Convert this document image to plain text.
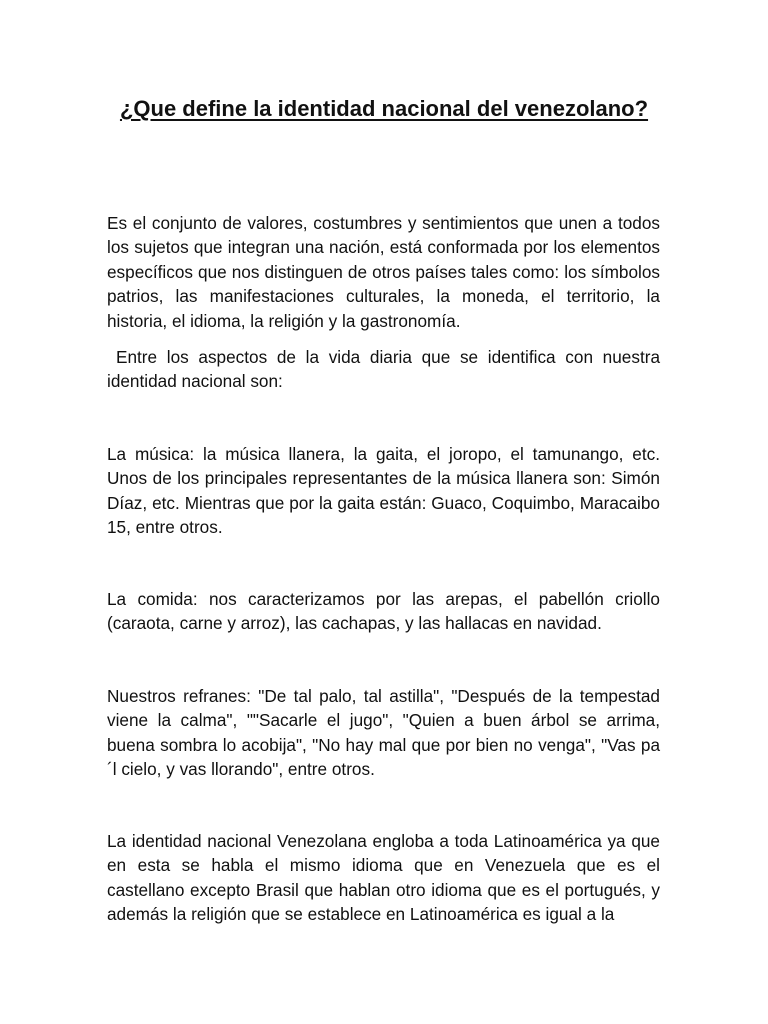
¿Que define la identidad nacional del venezolano?

Es el conjunto de valores, costumbres y sentimientos que unen a todos los sujetos que integran una nación, está conformada por los elementos específicos que nos distinguen de otros países tales como: los símbolos patrios, las manifestaciones culturales, la moneda, el territorio, la historia, el idioma, la religión y la gastronomía.

Entre los aspectos de la vida diaria que se identifica con nuestra identidad nacional son:

La música: la música llanera, la gaita, el joropo, el tamunango, etc. Unos de los principales representantes de la música llanera son: Simón Díaz, etc. Mientras que por la gaita están: Guaco, Coquimbo, Maracaibo 15, entre otros.

La comida: nos caracterizamos por las arepas, el pabellón criollo (caraota, carne y arroz), las cachapas, y las hallacas en navidad.

Nuestros refranes: "De tal palo, tal astilla", "Después de la tempestad viene la calma", ""Sacarle el jugo", "Quien a buen árbol se arrima, buena sombra lo acobija", "No hay mal que por bien no venga", "Vas pa´l cielo, y vas llorando", entre otros.

La identidad nacional Venezolana engloba a toda Latinoamérica ya que en esta se habla el mismo idioma que en Venezuela que es el castellano excepto Brasil que hablan otro idioma que es el portugués, y además la religión que se establece en Latinoamérica es igual a la
